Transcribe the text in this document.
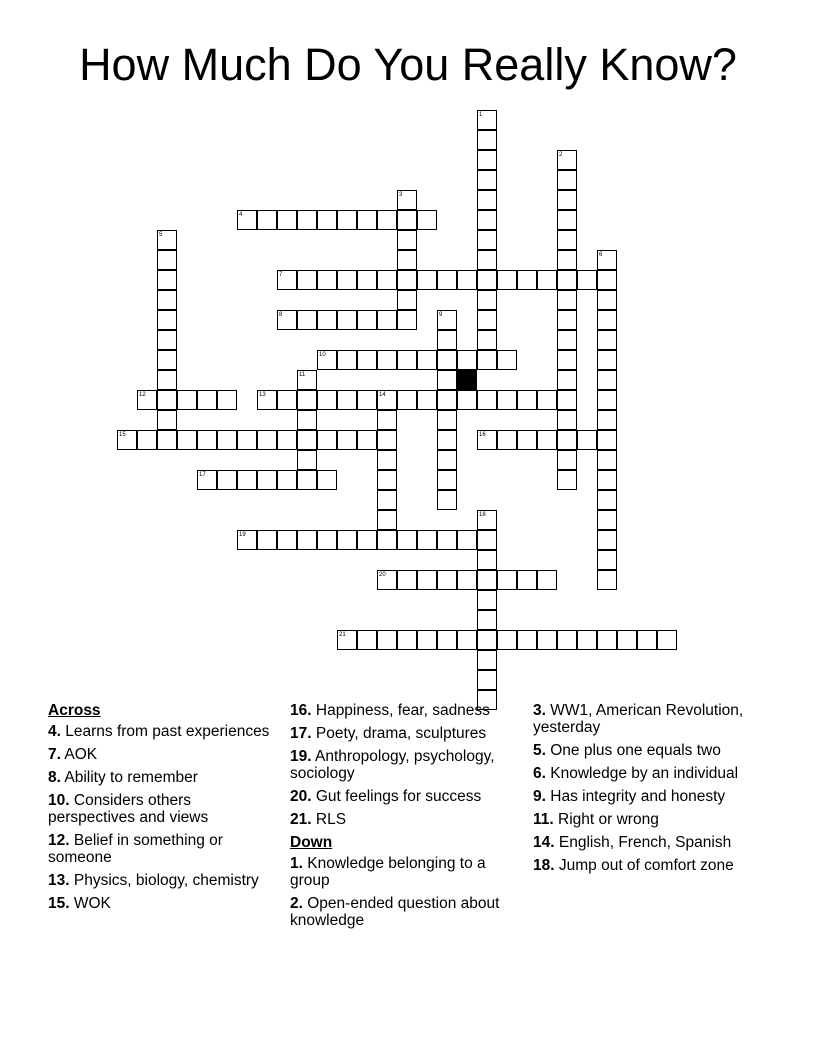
How Much Do You Really Know?
1
2
3
4
5
6
7
8	9
10
11
12	13	14
15	16
17
18
19
20
21
Across
4. Learns from past experiences
7. AOK
8. Ability to remember
10. Considers others perspectives and views
12. Belief in something or someone
13. Physics, biology, chemistry
15. WOK
16. Happiness, fear, sadness
17. Poety, drama, sculptures
19. Anthropology, psychology, sociology
20. Gut feelings for success
21. RLS
Down
1. Knowledge belonging to a group
2. Open-ended question about knowledge
3. WW1, American Revolution, yesterday
5. One plus one equals two
6. Knowledge by an individual
9. Has integrity and honesty
11. Right or wrong
14. English, French, Spanish
18. Jump out of comfort zone
